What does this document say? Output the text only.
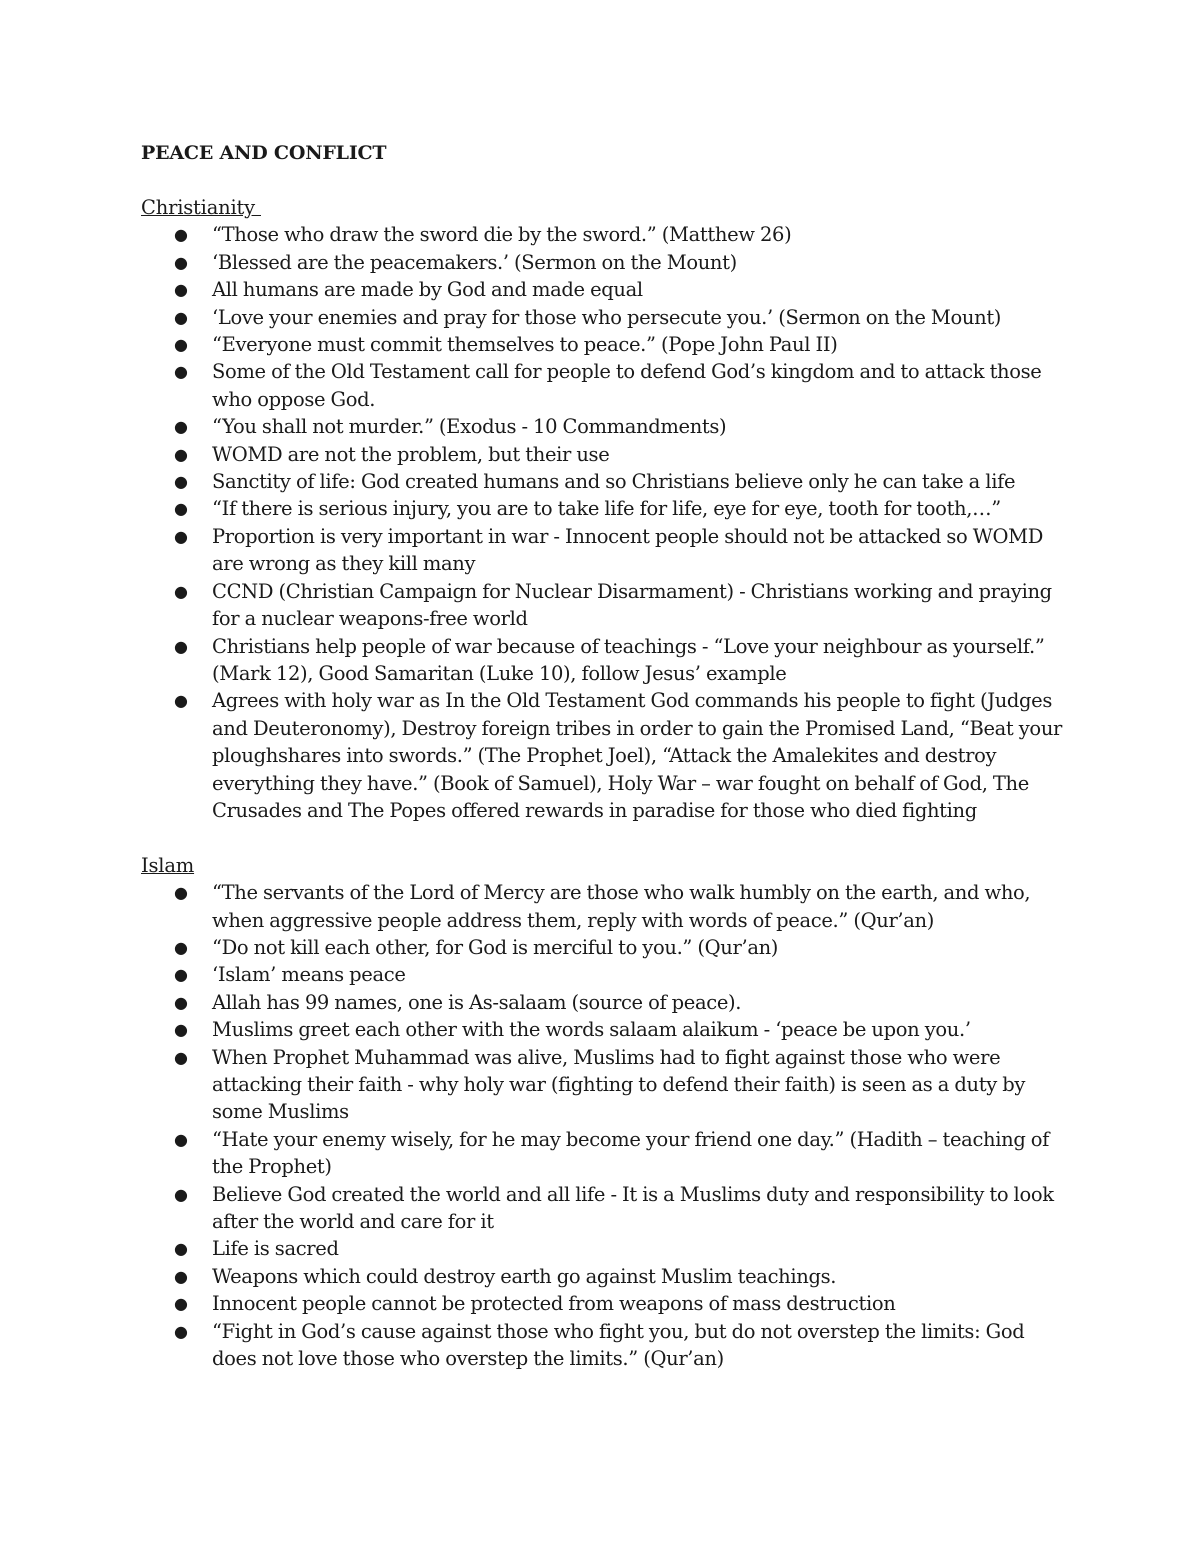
PEACE AND CONFLICT
Christianity
● “Those who draw the sword die by the sword.” (Matthew 26)
● ‘Blessed are the peacemakers.’ (Sermon on the Mount)
● All humans are made by God and made equal
● ‘Love your enemies and pray for those who persecute you.’ (Sermon on the Mount)
● “Everyone must commit themselves to peace.” (Pope John Paul II)
● Some of the Old Testament call for people to defend God’s kingdom and to attack those who oppose God.
● “You shall not murder.” (Exodus - 10 Commandments)
● WOMD are not the problem, but their use
● Sanctity of life: God created humans and so Christians believe only he can take a life
● “If there is serious injury, you are to take life for life, eye for eye, tooth for tooth,…”
● Proportion is very important in war - Innocent people should not be attacked so WOMD are wrong as they kill many
● CCND (Christian Campaign for Nuclear Disarmament) - Christians working and praying for a nuclear weapons-free world
● Christians help people of war because of teachings - “Love your neighbour as yourself.” (Mark 12), Good Samaritan (Luke 10), follow Jesus’ example
● Agrees with holy war as In the Old Testament God commands his people to fight (Judges and Deuteronomy), Destroy foreign tribes in order to gain the Promised Land, “Beat your ploughshares into swords.” (The Prophet Joel), “Attack the Amalekites and destroy everything they have.” (Book of Samuel), Holy War – war fought on behalf of God, The Crusades and The Popes offered rewards in paradise for those who died fighting
Islam
● “The servants of the Lord of Mercy are those who walk humbly on the earth, and who, when aggressive people address them, reply with words of peace.” (Qur’an)
● “Do not kill each other, for God is merciful to you.” (Qur’an)
● ‘Islam’ means peace
● Allah has 99 names, one is As-salaam (source of peace).
● Muslims greet each other with the words salaam alaikum - ‘peace be upon you.’
● When Prophet Muhammad was alive, Muslims had to fight against those who were attacking their faith - why holy war (fighting to defend their faith) is seen as a duty by some Muslims
● “Hate your enemy wisely, for he may become your friend one day.” (Hadith – teaching of the Prophet)
● Believe God created the world and all life - It is a Muslims duty and responsibility to look after the world and care for it
● Life is sacred
● Weapons which could destroy earth go against Muslim teachings.
● Innocent people cannot be protected from weapons of mass destruction
● “Fight in God’s cause against those who fight you, but do not overstep the limits: God does not love those who overstep the limits.” (Qur’an)
